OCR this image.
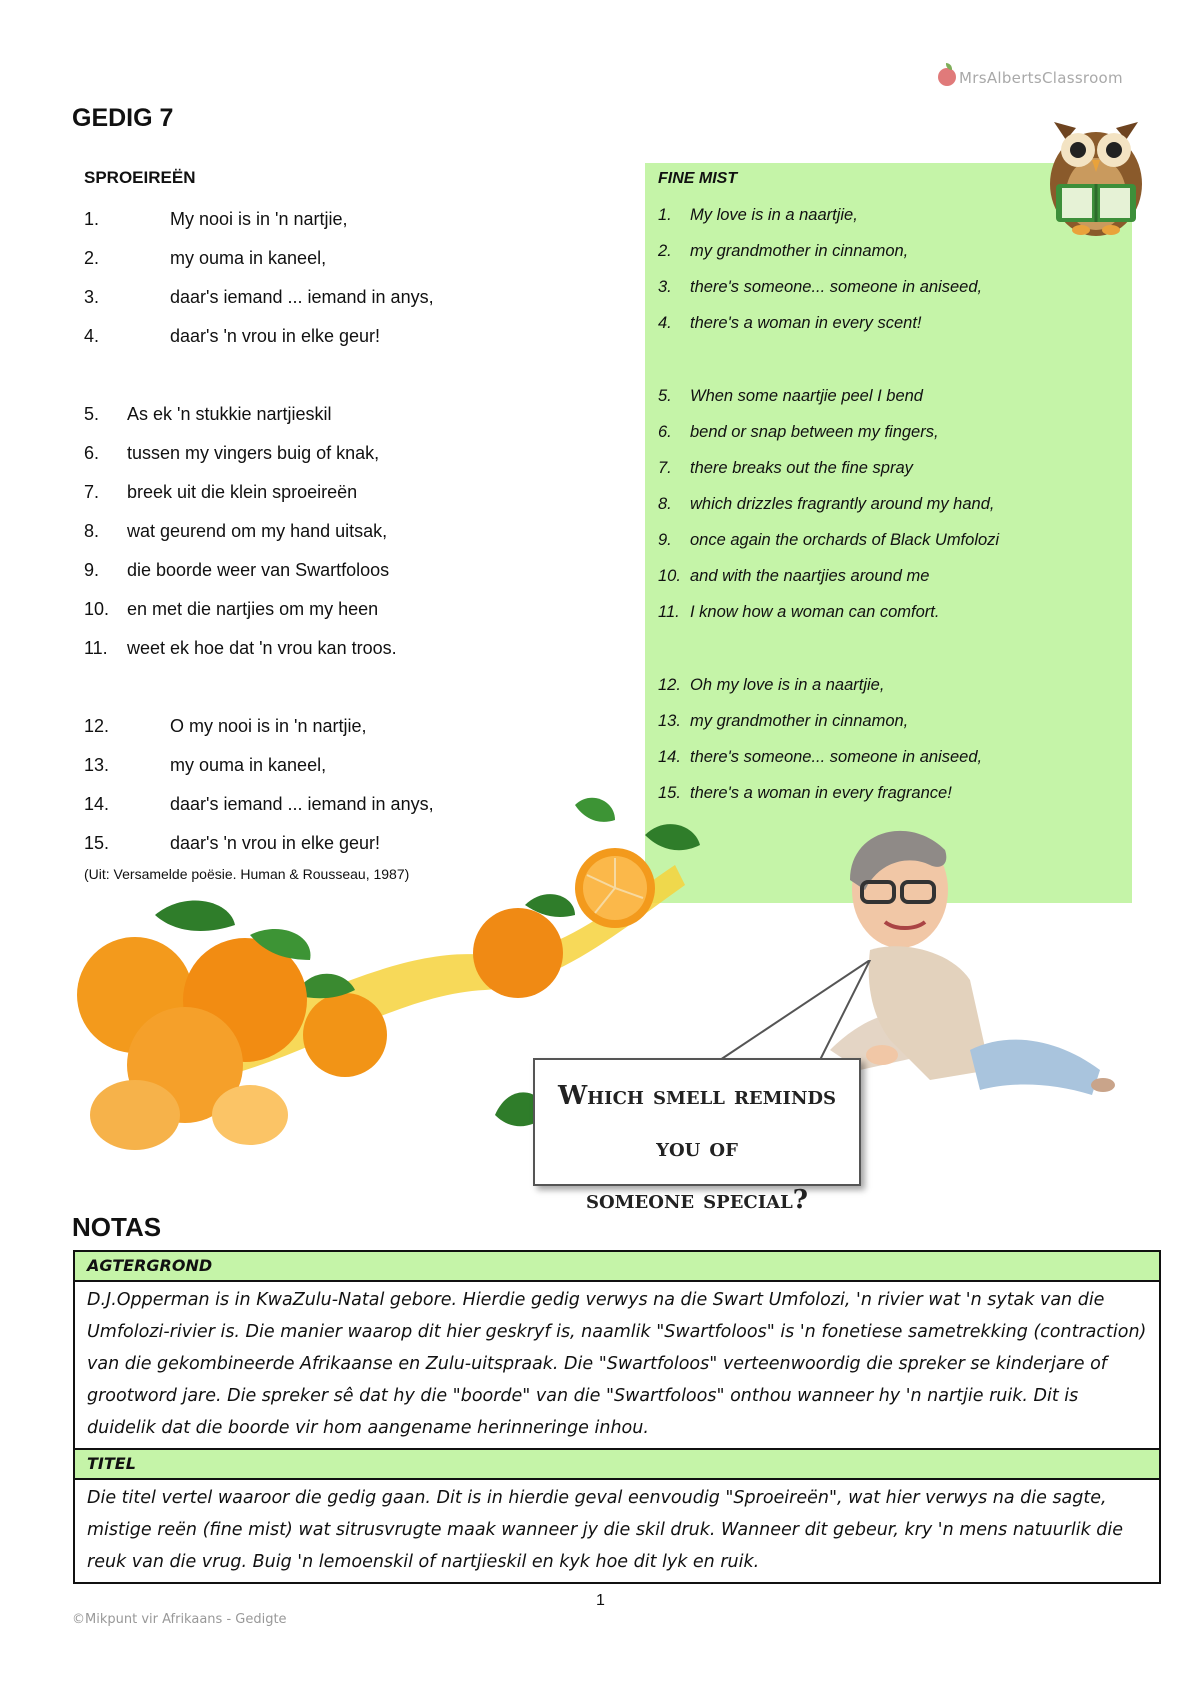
MrsAlbertsClassroom
GEDIG 7
SPROEIREËN
1.	My nooi is in 'n nartjie,
2.	my ouma in kaneel,
3.	daar's iemand ... iemand in anys,
4.	daar's 'n vrou in elke geur!
5. As ek 'n stukkie nartjieskil
6. tussen my vingers buig of knak,
7. breek uit die klein sproeireën
8. wat geurend om my hand uitsak,
9. die boorde weer van Swartfoloos
10. en met die nartjies om my heen
11. weet ek hoe dat 'n vrou kan troos.
12.	O my nooi is in 'n nartjie,
13.	my ouma in kaneel,
14.	daar's iemand ... iemand in anys,
15.	daar's 'n vrou in elke geur!
(Uit: Versamelde poësie. Human & Rousseau, 1987)
FINE MIST
1. My love is in a naartjie,
2. my grandmother in cinnamon,
3. there's someone... someone in aniseed,
4. there's a woman in every scent!
5. When some naartjie peel I bend
6. bend or snap between my fingers,
7. there breaks out the fine spray
8. which drizzles fragrantly around my hand,
9. once again the orchards of Black Umfolozi
10. and with the naartjies around me
11. I know how a woman can comfort.
12. Oh my love is in a naartjie,
13. my grandmother in cinnamon,
14. there's someone... someone in aniseed,
15. there's a woman in every fragrance!
Which smell reminds you of
someone special?
NOTAS
AGTERGROND
D.J.Opperman is in KwaZulu-Natal gebore. Hierdie gedig verwys na die Swart Umfolozi, 'n rivier wat 'n sytak van die Umfolozi-rivier is. Die manier waarop dit hier geskryf is, naamlik "Swartfoloos" is 'n fonetiese sametrekking (contraction) van die gekombineerde Afrikaanse en Zulu-uitspraak. Die "Swartfoloos" verteenwoordig die spreker se kinderjare of grootword jare. Die spreker sê dat hy die "boorde" van die "Swartfoloos" onthou wanneer hy 'n nartjie ruik. Dit is duidelik dat die boorde vir hom aangename herinneringe inhou.
TITEL
Die titel vertel waaroor die gedig gaan. Dit is in hierdie geval eenvoudig "Sproeireën", wat hier verwys na die sagte, mistige reën (fine mist) wat sitrusvrugte maak wanneer jy die skil druk. Wanneer dit gebeur, kry 'n mens natuurlik die reuk van die vrug. Buig 'n lemoenskil of nartjieskil en kyk hoe dit lyk en ruik.
1
©Mikpunt vir Afrikaans - Gedigte
